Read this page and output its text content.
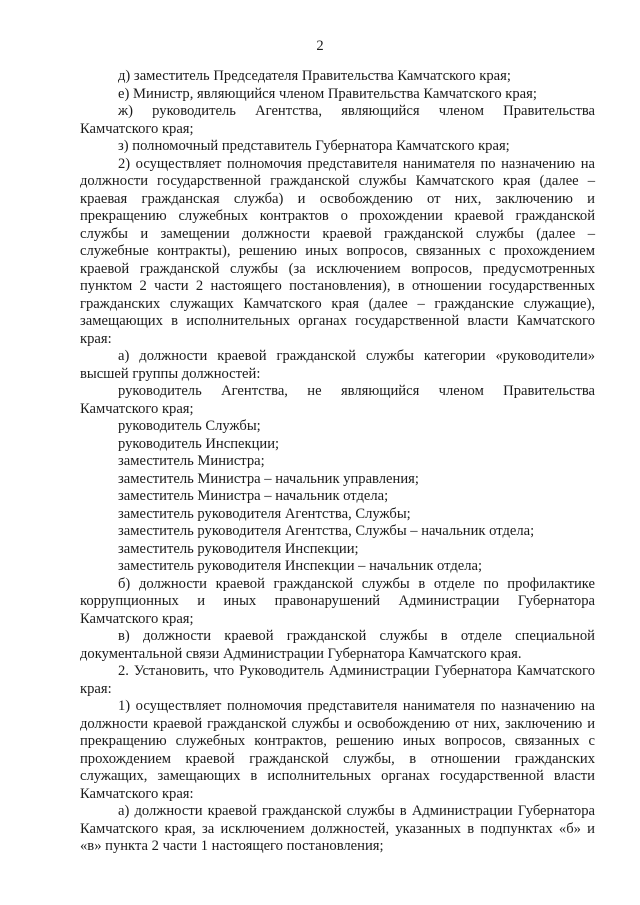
2

д) заместитель Председателя Правительства Камчатского края;

е) Министр, являющийся членом Правительства Камчатского края;

ж) руководитель Агентства, являющийся членом Правительства Камчатского края;

з) полномочный представитель Губернатора Камчатского края;

2) осуществляет полномочия представителя нанимателя по назначению на должности государственной гражданской службы Камчатского края (далее – краевая гражданская служба) и освобождению от них, заключению и прекращению служебных контрактов о прохождении краевой гражданской службы и замещении должности краевой гражданской службы (далее – служебные контракты), решению иных вопросов, связанных с прохождением краевой гражданской службы (за исключением вопросов, предусмотренных пунктом 2 части 2 настоящего постановления), в отношении государственных гражданских служащих Камчатского края (далее – гражданские служащие), замещающих в исполнительных органах государственной власти Камчатского края:

а) должности краевой гражданской службы категории «руководители» высшей группы должностей:

руководитель Агентства, не являющийся членом Правительства Камчатского края;

руководитель Службы;

руководитель Инспекции;

заместитель Министра;

заместитель Министра – начальник управления;

заместитель Министра – начальник отдела;

заместитель руководителя Агентства, Службы;

заместитель руководителя Агентства, Службы – начальник отдела;

заместитель руководителя Инспекции;

заместитель руководителя Инспекции – начальник отдела;

б) должности краевой гражданской службы в отделе по профилактике коррупционных и иных правонарушений Администрации Губернатора Камчатского края;

в) должности краевой гражданской службы в отделе специальной документальной связи Администрации Губернатора Камчатского края.

2. Установить, что Руководитель Администрации Губернатора Камчатского края:

1) осуществляет полномочия представителя нанимателя по назначению на должности краевой гражданской службы и освобождению от них, заключению и прекращению служебных контрактов, решению иных вопросов, связанных с прохождением краевой гражданской службы, в отношении гражданских служащих, замещающих в исполнительных органах государственной власти Камчатского края:

а) должности краевой гражданской службы в Администрации Губернатора Камчатского края, за исключением должностей, указанных в подпунктах «б» и «в» пункта 2 части 1 настоящего постановления;
